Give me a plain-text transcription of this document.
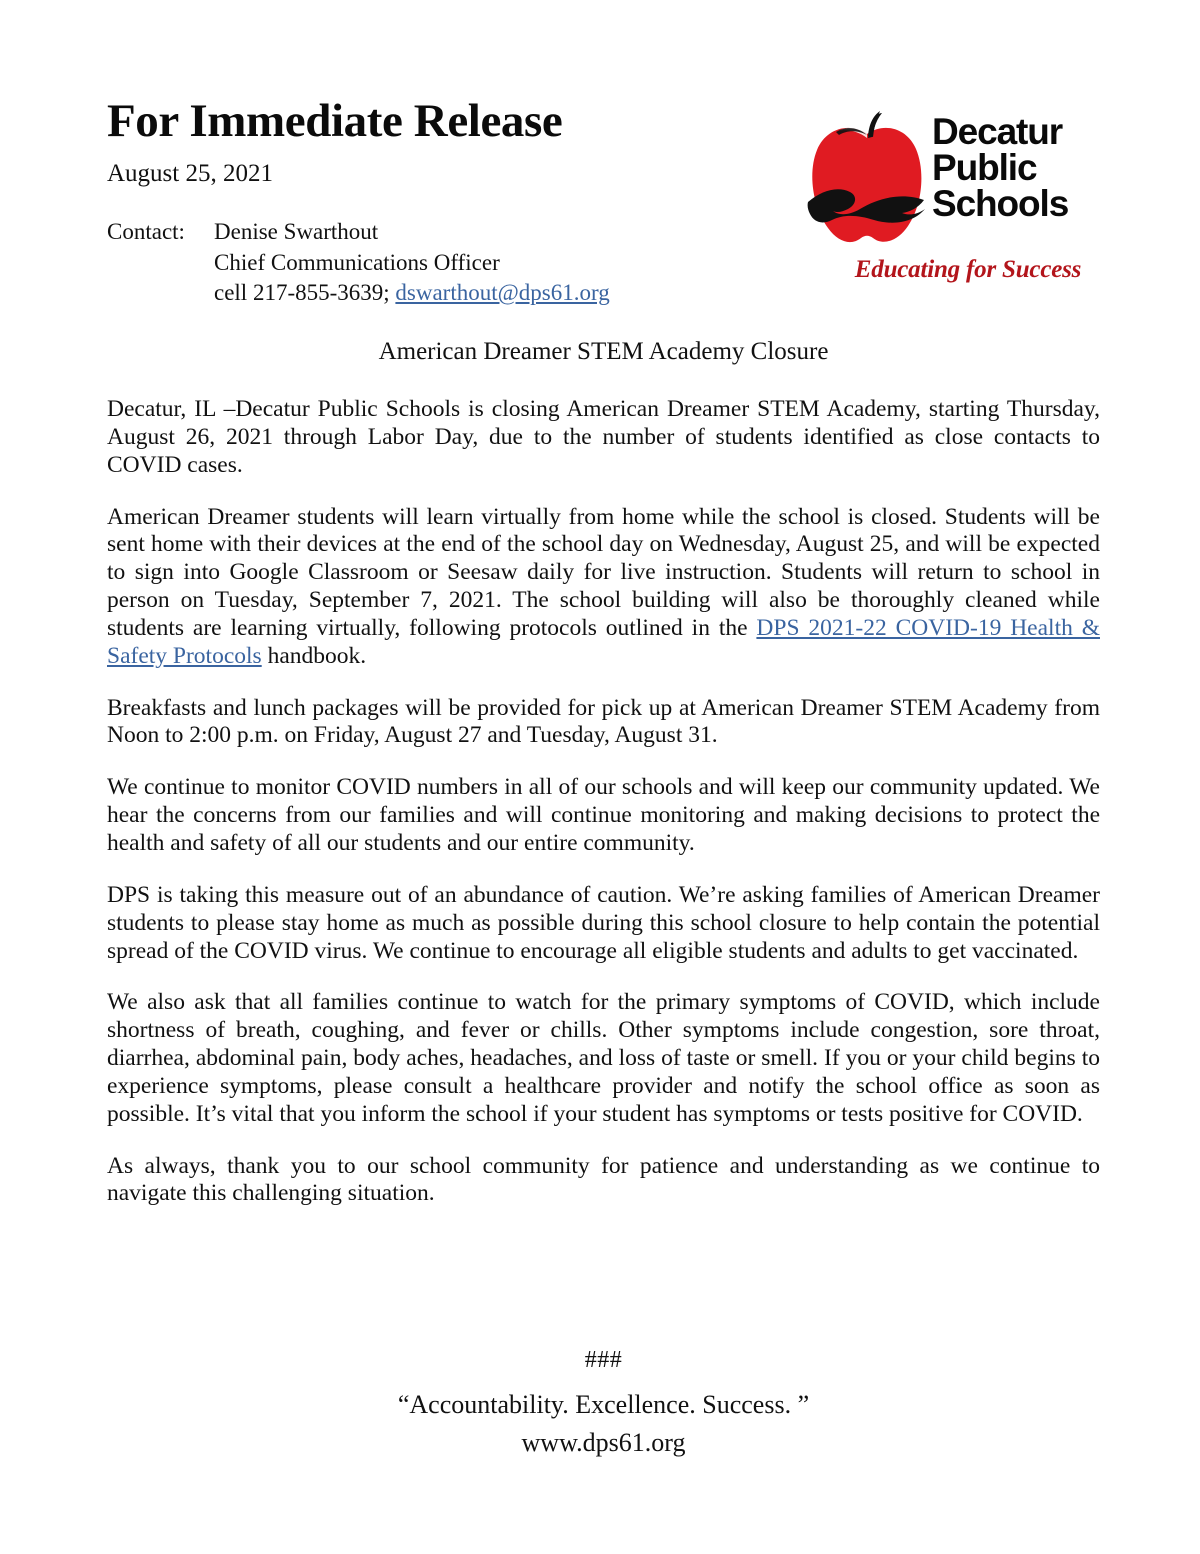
For Immediate Release
August 25, 2021
Contact:	Denise Swarthout
Chief Communications Officer
cell 217-855-3639; dswarthout@dps61.org
Decatur
Public
Schools
Educating for Success
American Dreamer STEM Academy Closure

Decatur, IL –Decatur Public Schools is closing American Dreamer STEM Academy, starting Thursday, August 26, 2021 through Labor Day, due to the number of students identified as close contacts to COVID cases.

American Dreamer students will learn virtually from home while the school is closed. Students will be sent home with their devices at the end of the school day on Wednesday, August 25, and will be expected to sign into Google Classroom or Seesaw daily for live instruction. Students will return to school in person on Tuesday, September 7, 2021. The school building will also be thoroughly cleaned while students are learning virtually, following protocols outlined in the DPS 2021-22 COVID-19 Health & Safety Protocols handbook.

Breakfasts and lunch packages will be provided for pick up at American Dreamer STEM Academy from Noon to 2:00 p.m. on Friday, August 27 and Tuesday, August 31.

We continue to monitor COVID numbers in all of our schools and will keep our community updated. We hear the concerns from our families and will continue monitoring and making decisions to protect the health and safety of all our students and our entire community.

DPS is taking this measure out of an abundance of caution. We’re asking families of American Dreamer students to please stay home as much as possible during this school closure to help contain the potential spread of the COVID virus. We continue to encourage all eligible students and adults to get vaccinated.

We also ask that all families continue to watch for the primary symptoms of COVID, which include shortness of breath, coughing, and fever or chills. Other symptoms include congestion, sore throat, diarrhea, abdominal pain, body aches, headaches, and loss of taste or smell. If you or your child begins to experience symptoms, please consult a healthcare provider and notify the school office as soon as possible. It’s vital that you inform the school if your student has symptoms or tests positive for COVID.

As always, thank you to our school community for patience and understanding as we continue to navigate this challenging situation.

###
“Accountability. Excellence. Success. ”
www.dps61.org
